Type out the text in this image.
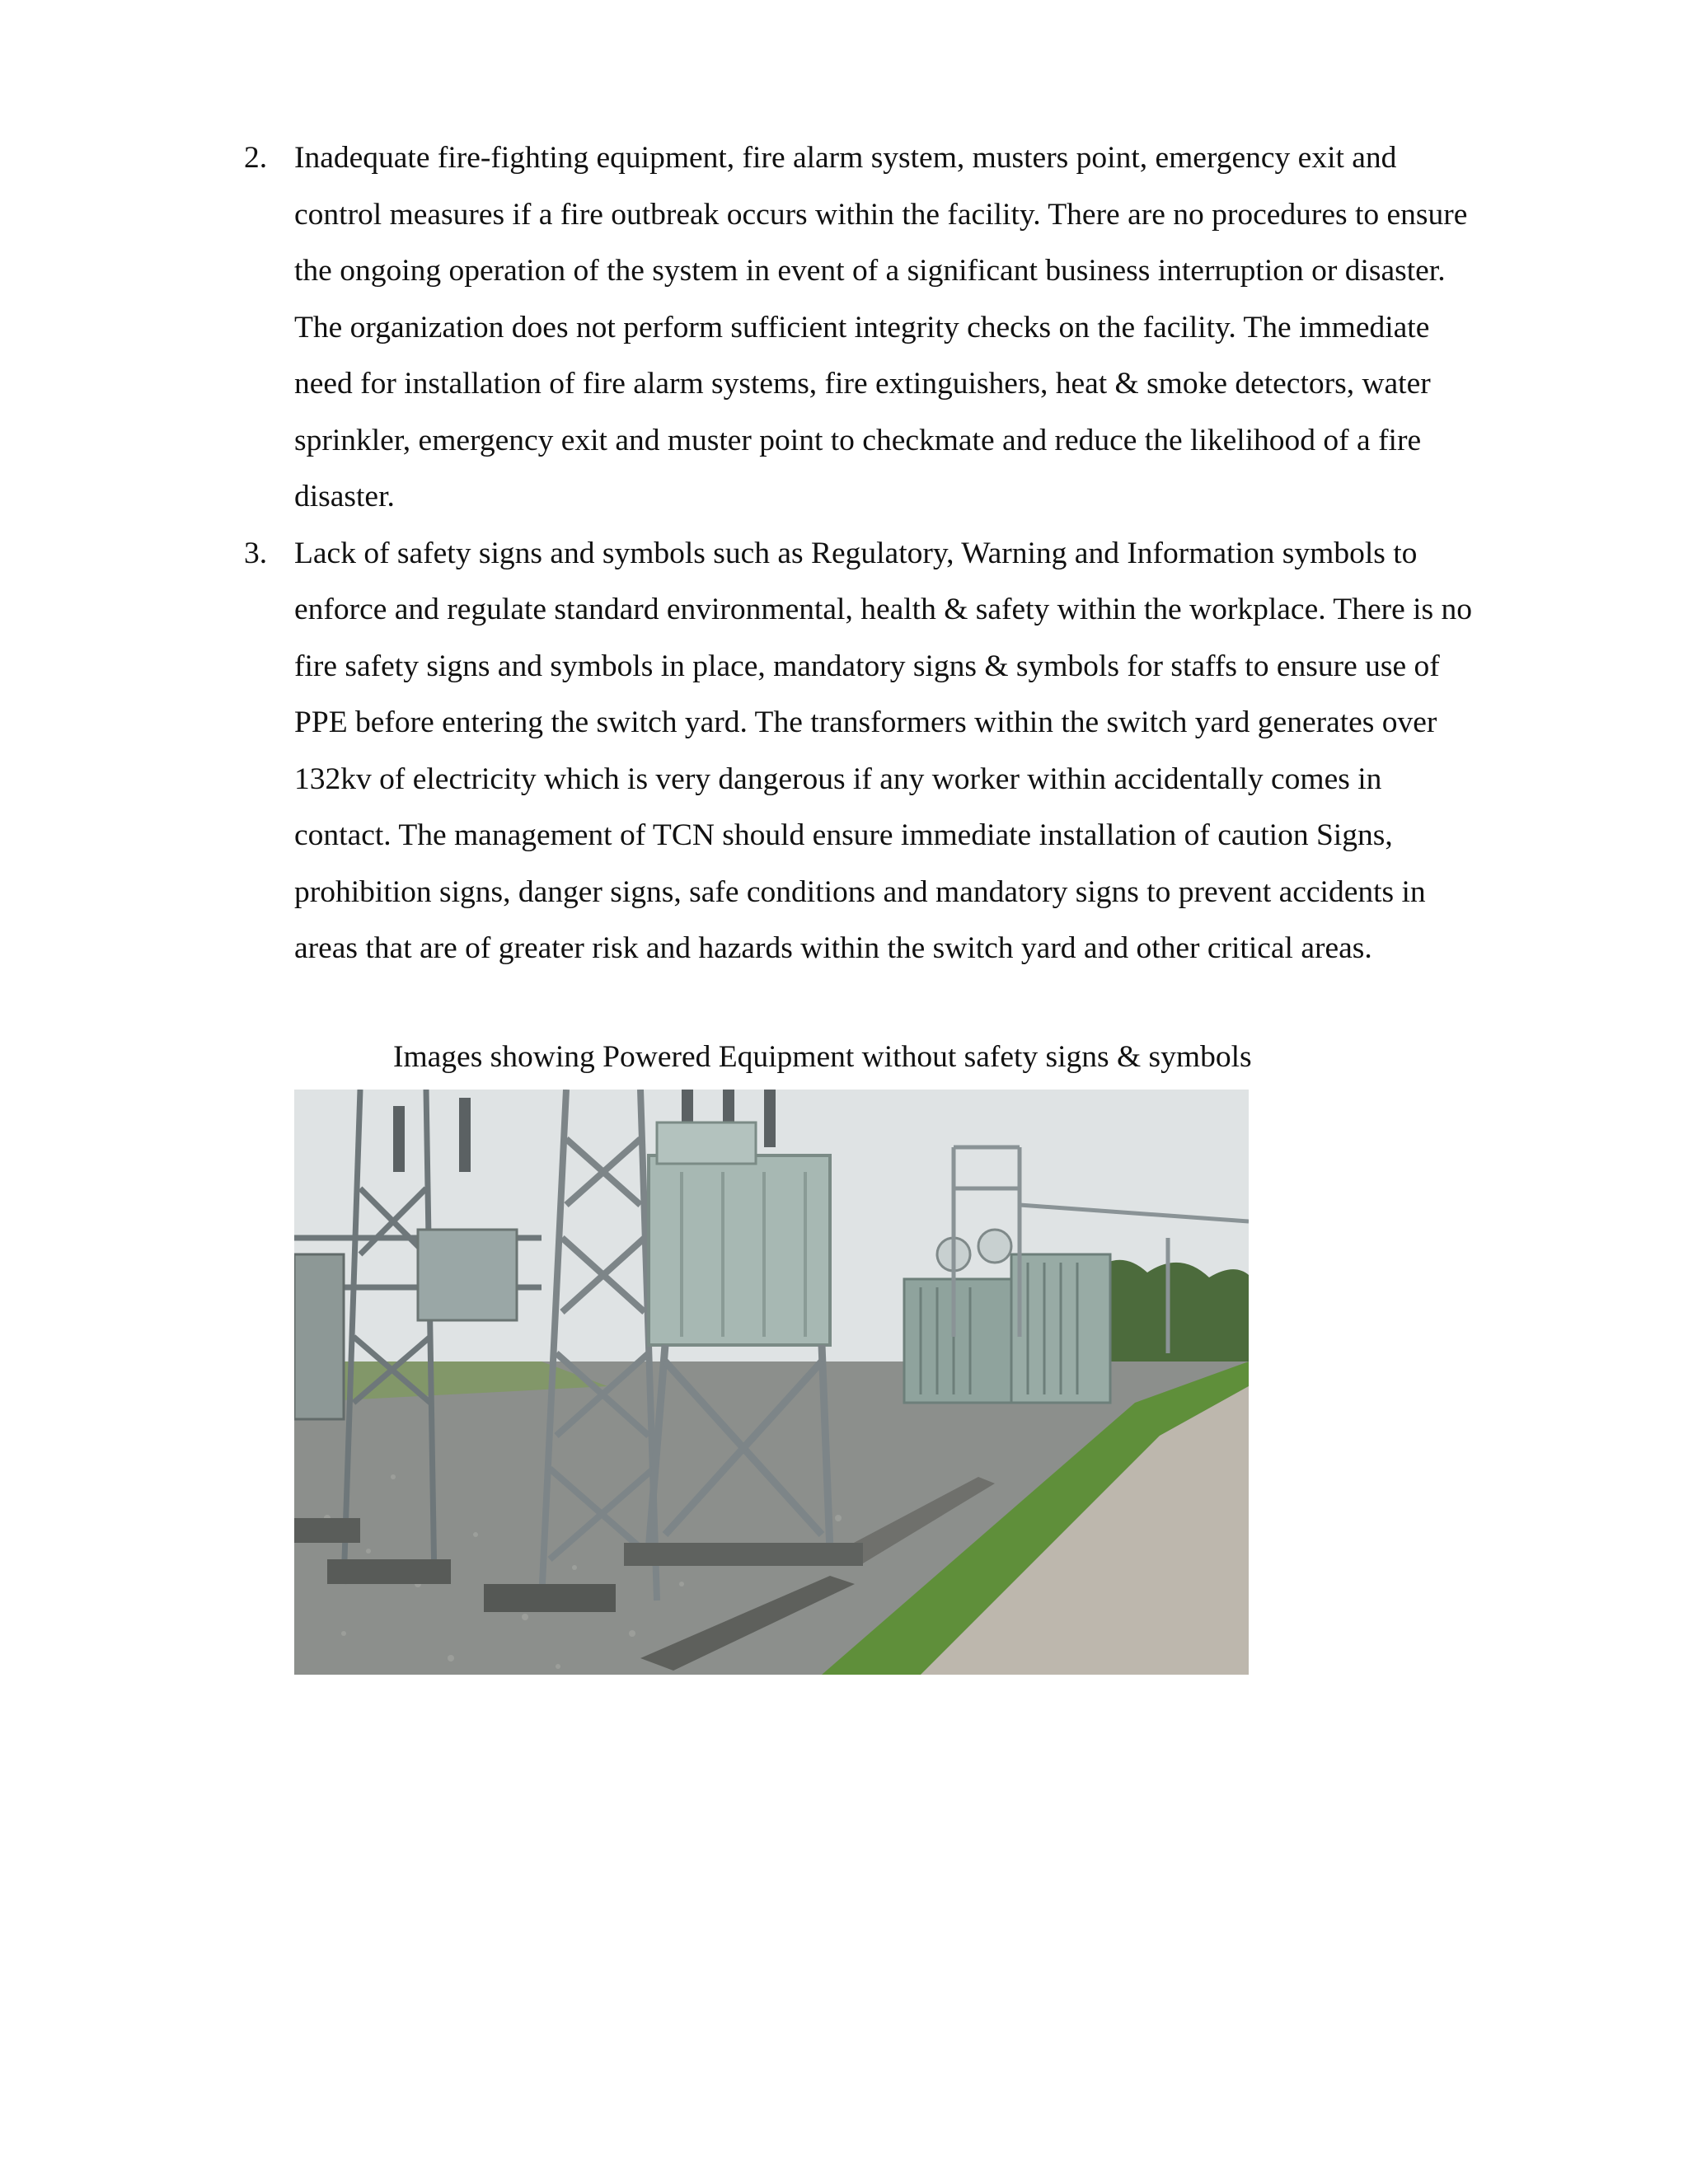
2. Inadequate fire-fighting equipment, fire alarm system, musters point, emergency exit and control measures if a fire outbreak occurs within the facility. There are no procedures to ensure the ongoing operation of the system in event of a significant business interruption or disaster. The organization does not perform sufficient integrity checks on the facility. The immediate need for installation of fire alarm systems, fire extinguishers, heat & smoke detectors, water sprinkler, emergency exit and muster point to checkmate and reduce the likelihood of a fire disaster.
3. Lack of safety signs and symbols such as Regulatory, Warning and Information symbols to enforce and regulate standard environmental, health & safety within the workplace. There is no fire safety signs and symbols in place, mandatory signs & symbols for staffs to ensure use of PPE before entering the switch yard. The transformers within the switch yard generates over 132kv of electricity which is very dangerous if any worker within accidentally comes in contact. The management of TCN should ensure immediate installation of caution Signs, prohibition signs, danger signs, safe conditions and mandatory signs to prevent accidents in areas that are of greater risk and hazards within the switch yard and other critical areas.
Images showing Powered Equipment without safety signs & symbols
